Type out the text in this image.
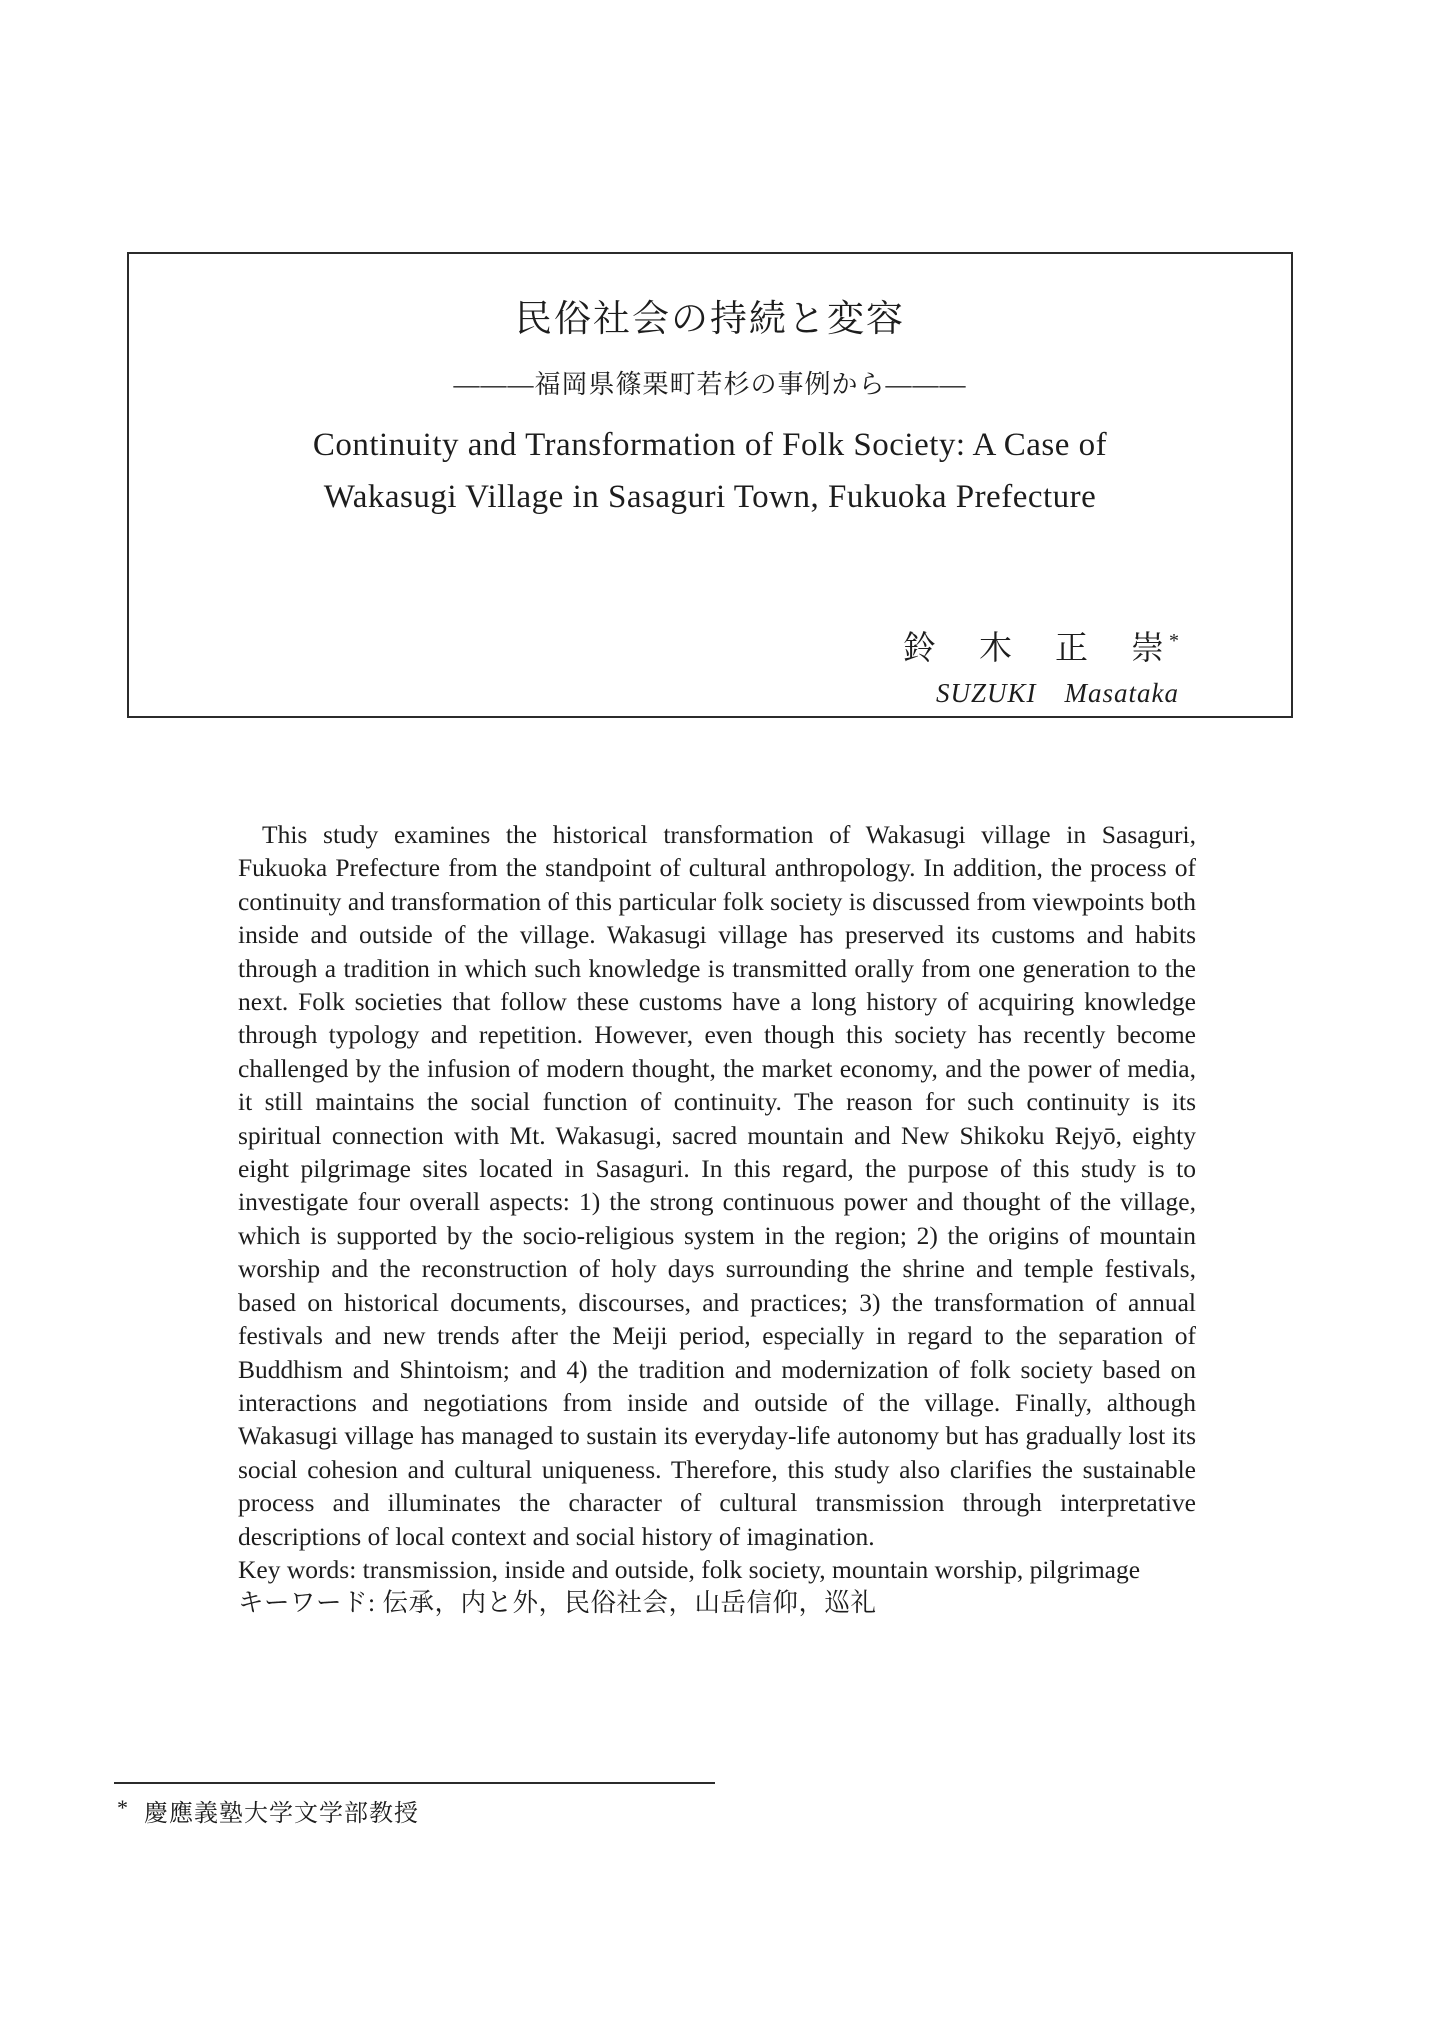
民俗社会の持続と変容
———福岡県篠栗町若杉の事例から———
Continuity and Transformation of Folk Society: A Case of
Wakasugi Village in Sasaguri Town, Fukuoka Prefecture
鈴　木　正　崇*
SUZUKI Masataka

This study examines the historical transformation of Wakasugi village in Sasaguri, Fukuoka Prefecture from the standpoint of cultural anthropology. In addition, the process of continuity and transformation of this particular folk society is discussed from viewpoints both inside and outside of the village. Wakasugi village has preserved its customs and habits through a tradition in which such knowledge is transmitted orally from one generation to the next. Folk societies that follow these customs have a long history of acquiring knowledge through typology and repetition. However, even though this society has recently become challenged by the infusion of modern thought, the market economy, and the power of media, it still maintains the social function of continuity. The reason for such continuity is its spiritual connection with Mt. Wakasugi, sacred mountain and New Shikoku Rejyō, eighty eight pilgrimage sites located in Sasaguri. In this regard, the purpose of this study is to investigate four overall aspects: 1) the strong continuous power and thought of the village, which is supported by the socio-religious system in the region; 2) the origins of mountain worship and the reconstruction of holy days surrounding the shrine and temple festivals, based on historical documents, discourses, and practices; 3) the transformation of annual festivals and new trends after the Meiji period, especially in regard to the separation of Buddhism and Shintoism; and 4) the tradition and modernization of folk society based on interactions and negotiations from inside and outside of the village. Finally, although Wakasugi village has managed to sustain its everyday-life autonomy but has gradually lost its social cohesion and cultural uniqueness. Therefore, this study also clarifies the sustainable process and illuminates the character of cultural transmission through interpretative descriptions of local context and social history of imagination.

Key words: transmission, inside and outside, folk society, mountain worship, pilgrimage

キーワード: 伝承，内と外，民俗社会，山岳信仰，巡礼

* 慶應義塾大学文学部教授
